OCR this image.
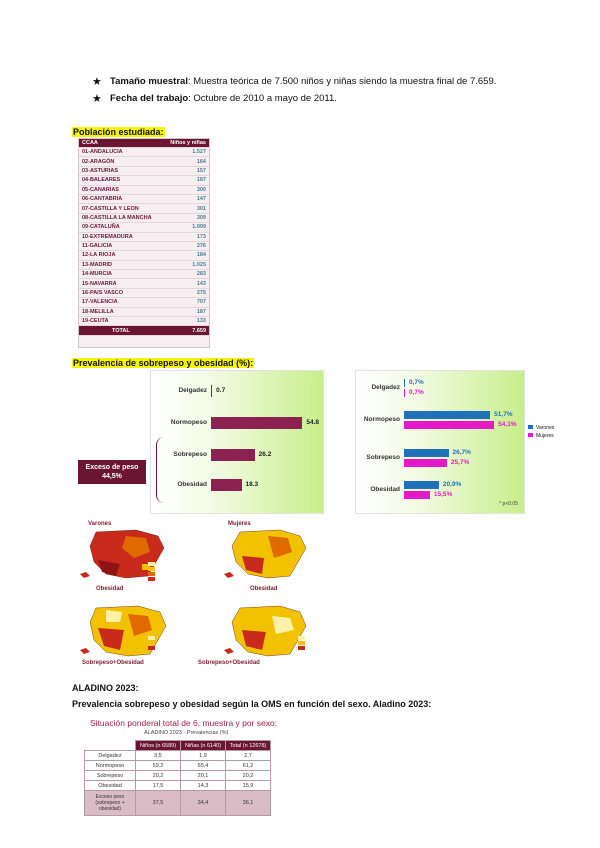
★ Tamaño muestral: Muestra teórica de 7.500 niños y niñas siendo la muestra final de 7.659.
★ Fecha del trabajo: Octubre de 2010 a mayo de 2011.
Población estudiada:
CCAA	Niños y niñas
01-ANDALUCIA	1.527
02-ARAGÓN	164
03-ASTURIAS	157
04-BALEARES	187
05-CANARIAS	300
06-CANTABRIA	147
07-CASTILLA Y LEON	301
08-CASTILLA LA MANCHA	309
09-CATALUÑA	1.099
10-EXTREMADURA	173
11-GALICIA	276
12-LA RIOJA	184
13-MADRID	1.025
14-MURCIA	283
15-NAVARRA	143
16-PAIS VASCO	275
17-VALENCIA	707
18-MELILLA	187
19-CEUTA	133
TOTAL	7.659
Prevalencia de sobrepeso y obesidad (%):
Delgadez 0.7
Normopeso	54.8
Sobrepeso	26.2
Obesidad	18.3
Exceso de peso
44,5%
Delgadez
0,7%
0,7%
Normopeso
51,7%
54,1%
Sobrepeso
26,7%
25,7%
Obesidad
20,9%
15,5%
* p<0.05
Varones
Mujeres
Varones
Obesidad
Sobrepeso+Obesidad
Mujeres
Obesidad
Sobrepeso+Obesidad
ALADINO 2023:
Prevalencia sobrepeso y obesidad según la OMS en función del sexo. Aladino 2023:
Situación ponderal total de 6. muestra y por sexo:
ALADINO 2023 · Prevalencias (%)
	Niños (n 6589)	Niñas (n 6140)	Total (n 12678)
Delgadez	3,5	1,9	2,7
Normopeso	59,2	65,4	61,2
Sobrepeso	20,2	20,1	20,2
Obesidad	17,5	14,3	15,9
Exceso peso (sobrepeso + obesidad)	37,5	34,4	36,1
